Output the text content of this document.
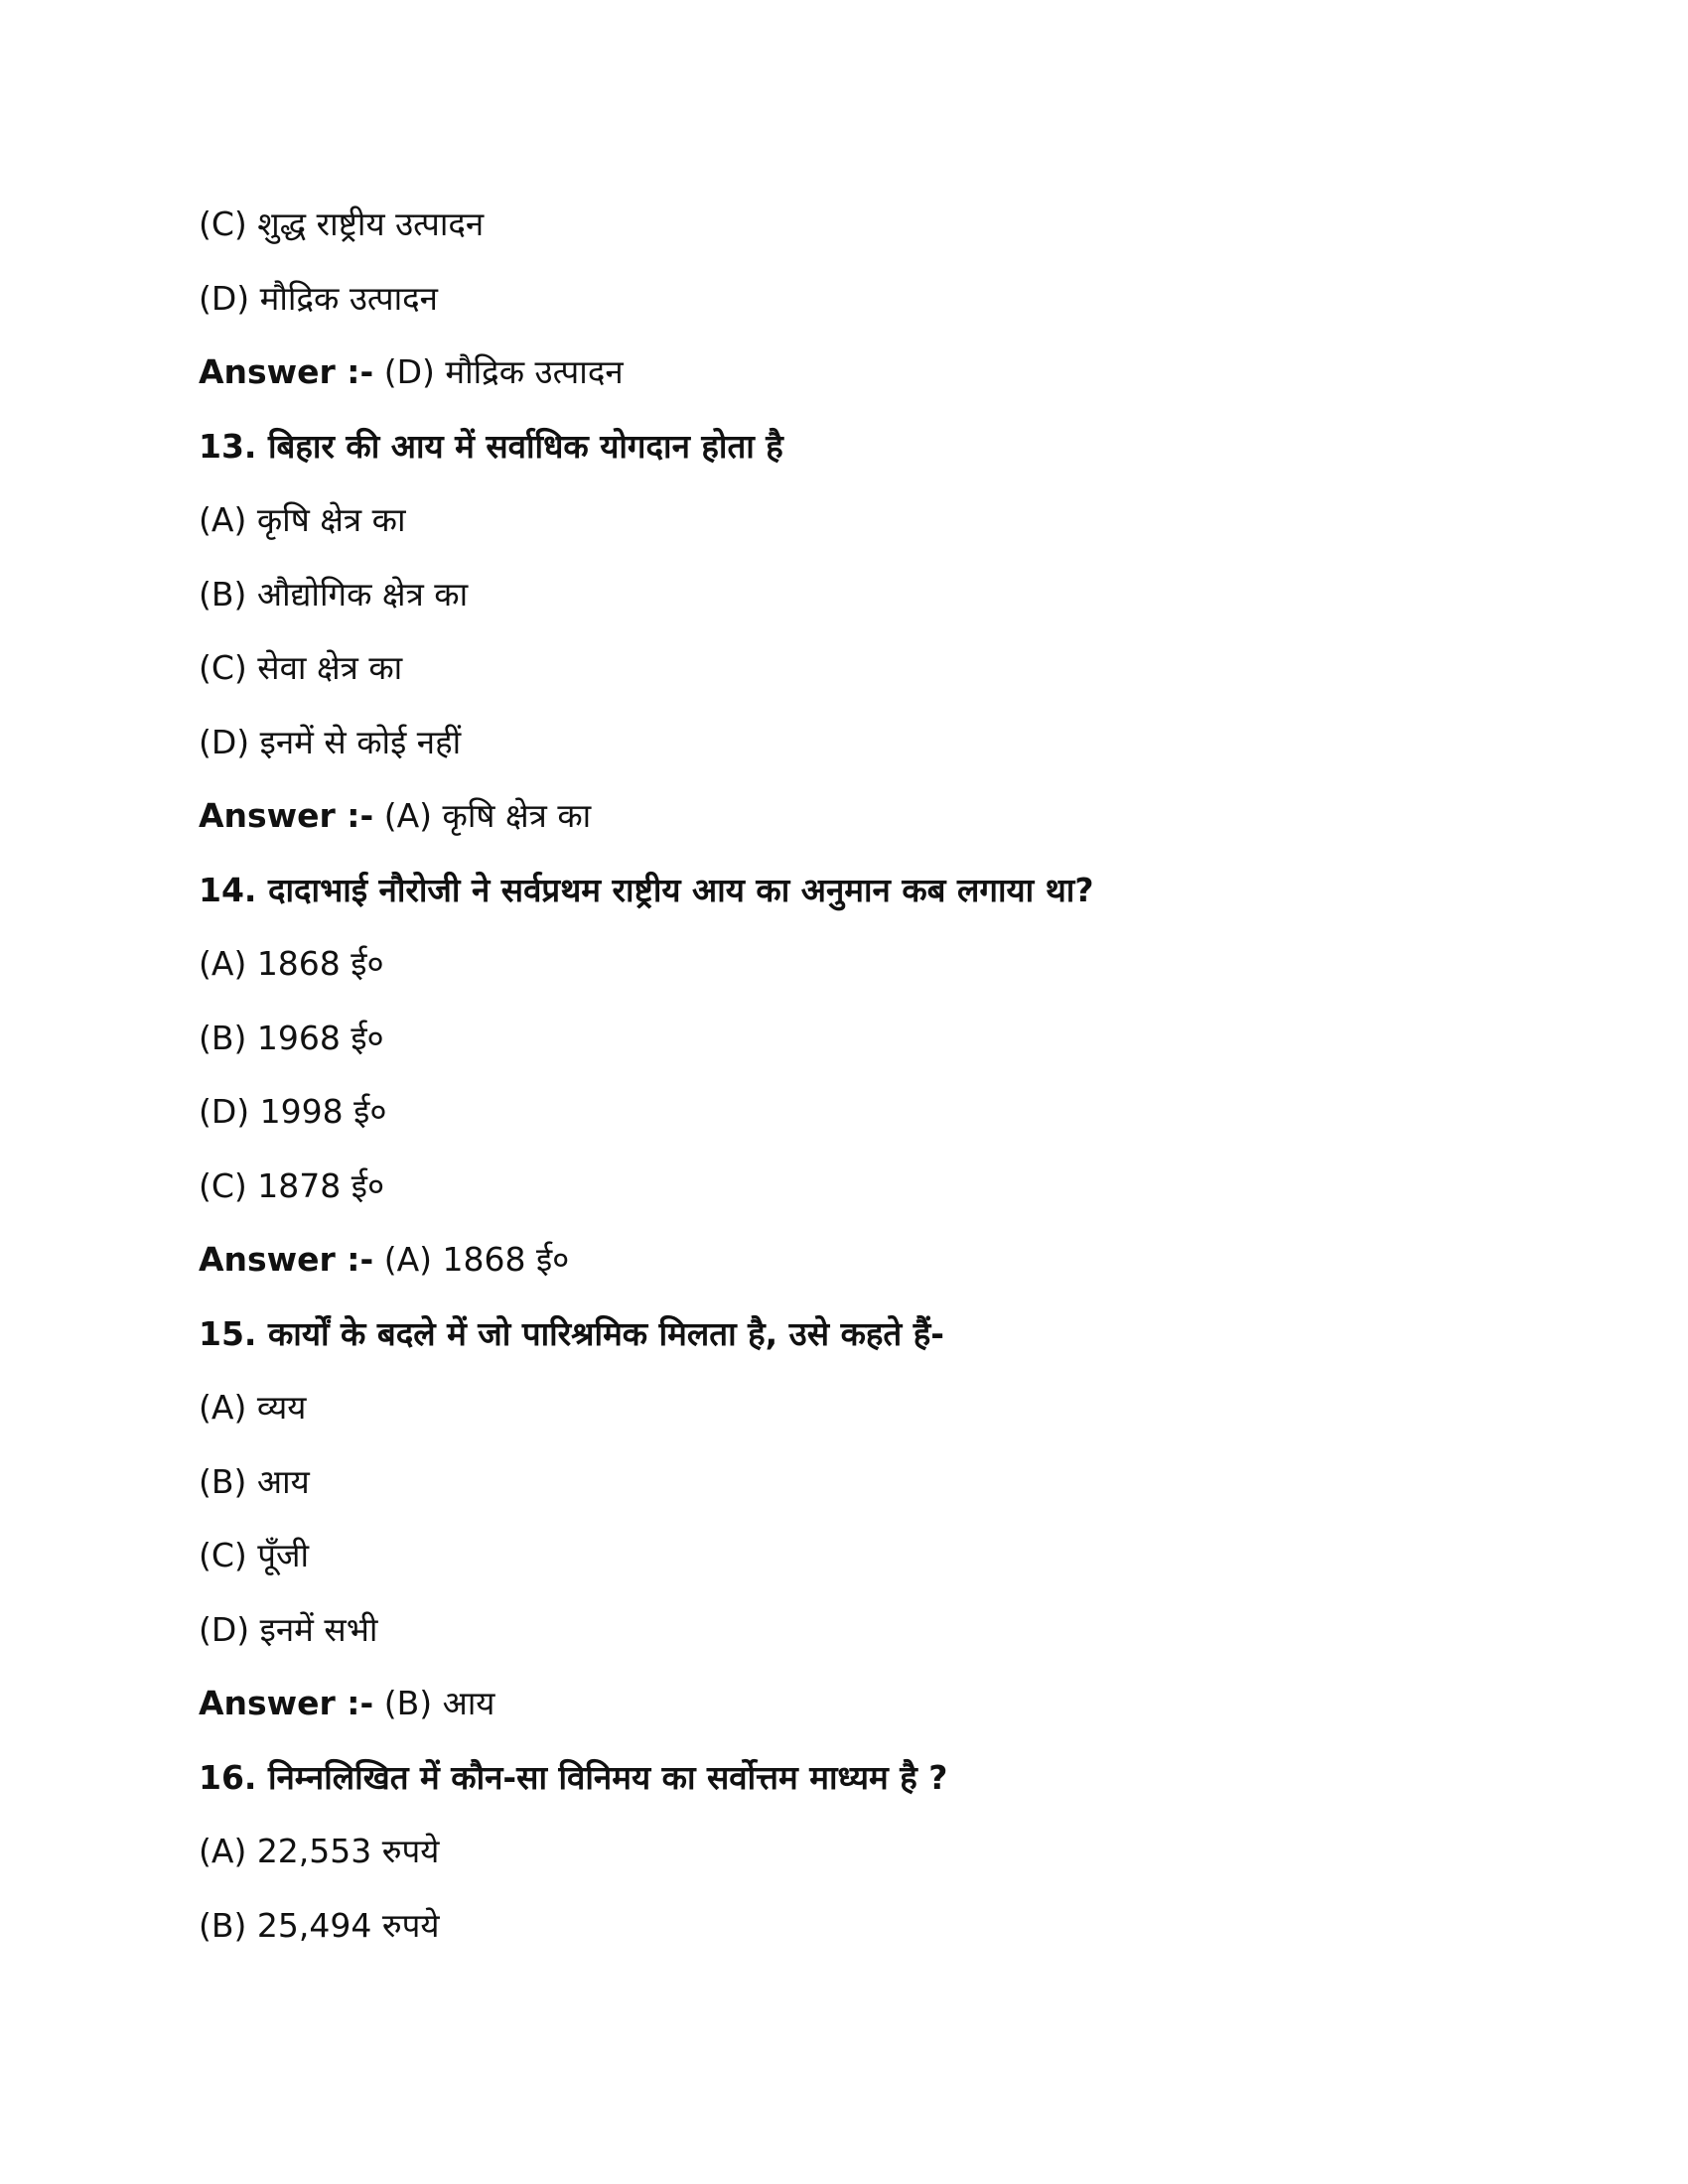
(C) शुद्ध राष्ट्रीय उत्पादन
(D) मौद्रिक उत्पादन
Answer :- (D) मौद्रिक उत्पादन
13. बिहार की आय में सर्वाधिक योगदान होता है
(A) कृषि क्षेत्र का
(B) औद्योगिक क्षेत्र का
(C) सेवा क्षेत्र का
(D) इनमें से कोई नहीं
Answer :- (A) कृषि क्षेत्र का
14. दादाभाई नौरोजी ने सर्वप्रथम राष्ट्रीय आय का अनुमान कब लगाया था?
(A) 1868 ई०
(B) 1968 ई०
(D) 1998 ई०
(C) 1878 ई०
Answer :- (A) 1868 ई०
15. कार्यों के बदले में जो पारिश्रमिक मिलता है, उसे कहते हैं-
(A) व्यय
(B) आय
(C) पूँजी
(D) इनमें सभी
Answer :- (B) आय
16. निम्नलिखित में कौन-सा विनिमय का सर्वोत्तम माध्यम है ?
(A) 22,553 रुपये
(B) 25,494 रुपये
